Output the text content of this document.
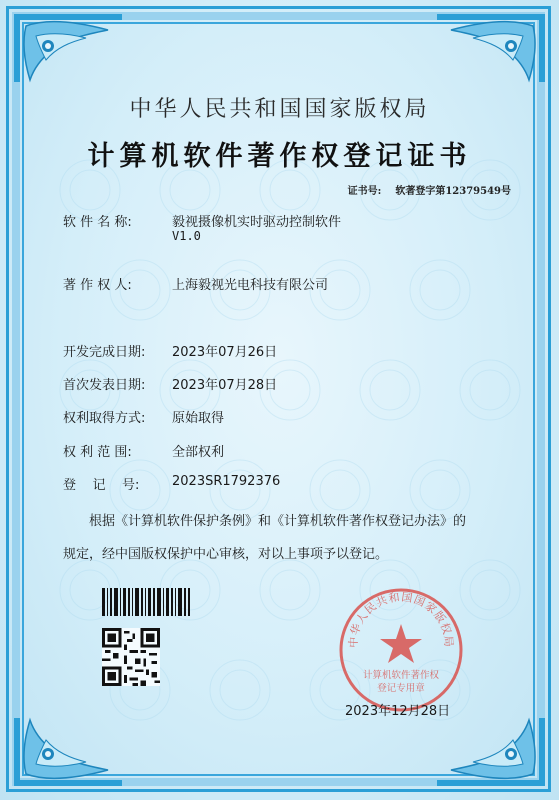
中华人民共和国国家版权局
计算机软件著作权登记证书
证书号: 软著登字第12379549号
软 件 名 称:	毅视摄像机实时驱动控制软件
V1.0
著 作 权 人:	上海毅视光电科技有限公司
开发完成日期:	2023年07月26日
首次发表日期:	2023年07月28日
权利取得方式:	原始取得
权 利 范 围:	全部权利
登    记    号:	2023SR1792376
根据《计算机软件保护条例》和《计算机软件著作权登记办法》的
规定，经中国版权保护中心审核，对以上事项予以登记。
中华人民共和国国家版权局
计算机软件著作权
登记专用章
2023年12月28日
